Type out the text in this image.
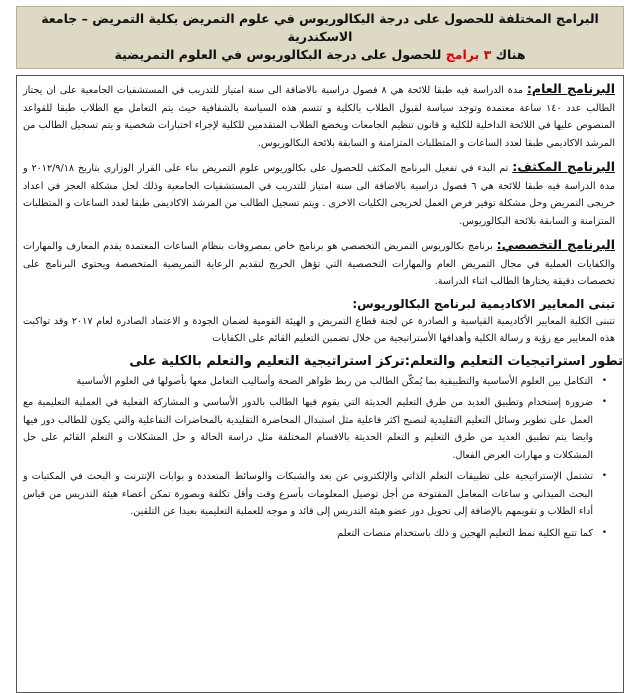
البرامج المختلفة للحصول على درجة البكالوريوس في علوم التمريض بكلية التمريض – جامعة الاسكندرية
هناك ٣ برامج للحصول على درجة البكالوريوس في العلوم التمريضية

البرنامج العام: مدة الدراسة فيه طبقا للائحة هي ٨ فصول دراسية بالاضافة الى سنة امتياز للتدريب في المستشفيات الجامعية على ان يجتاز الطالب عدد ١٤٠ ساعة معتمدة وتوجد سياسة لقبول الطلاب بالكلية و تتسم هذه السياسة بالشفافية حيث يتم التعامل مع الطلاب طبقا للقواعد المنصوص عليها في اللائحة الداخلية للكلية و قانون تنظيم الجامعات ويخضع الطلاب المتقدمين للكلية لإجراء اختبارات شخصية و يتم تسجيل الطالب من المرشد الاكاديمي طبقا لعدد الساعات و المتطلبات المتزامنة و السابقة بلائحة البكالوريوس.

البرنامج المكثف: تم البدء في تفعيل البرنامج المكثف للحصول على بكالوريوس علوم التمريض بناء على القرار الوزارى بتاريخ ٢٠١٢/٩/١٨ و مدة الدراسة فيه طبقا للائحة هي ٦ فصول دراسية بالاضافة الى سنة امتياز للتدريب في المستشفيات الجامعية وذلك لحل مشكلة العجز في اعداد خريجى التمريض وحل مشكلة توفير فرص العمل لخريجى الكليات الاخرى . ويتم تسجيل الطالب من المرشد الاكاديمى طبقا لعدد الساعات و المتطلبات المتزامنة و السابقة بلائحة البكالوريوس.

البرنامج التخصصي: برنامج بكالوريوس التمريض التخصصي هو برنامج خاص بمصروفات بنظام الساعات المعتمدة يقدم المعارف والمهارات والكفايات العملية في مجال التمريض العام والمهارات التخصصية التي تؤهل الخريج لتقديم الرعاية التمريضية المتخصصة ويحتوي البرنامج على تخصصات دقيقة يختارها الطالب اثناء الدراسة.

تبنى المعايير الاكاديمية لبرنامج البكالوريوس:

تتبنى الكلية المعايير الأكاديمية القياسية و الصادرة عن لجنة قطاع التمريض و الهيئة القومية لضمان الجودة و الاعتماد الصادرة لعام ٢٠١٧ وقد تواكبت هذه المعايير مع رؤية و رسالة الكلية وأهدافها الأستراتيجية من خلال تضمين التعليم القائم على الكفايات

تطور استراتيجيات التعليم والتعلم:تركز استراتيجية التعليم والتعلم بالكلية على
•
التكامل بين العلوم الأساسية والتطبيقية بما يُمكّن الطالب من ربط ظواهر الصحة وأساليب التعامل معها بأصولها في العلوم الأساسية
•
ضرورة إستخدام وتطبيق العديد من طرق التعليم الحديثة التي يقوم فيها الطالب بالدور الأساسي و المشاركة الفعلية في العملية التعليمية مع العمل على تطوير وسائل التعليم التقليدية لتصبح اكثر فاعلية مثل استبدال المحاضرة التقليدية بالمحاضرات التفاعلية والتي يكون للطالب دور فيها وايضا يتم تطبيق العديد من طرق التعليم و التعلم الحديثة بالاقسام المختلفة مثل دراسة الحالة و حل المشكلات و التعلم القائم على حل المشكلات و مهارات العرض الفعال.
•
تشتمل الإستراتيجية على تطبيقات التعلم الذاتي والإلكتروني عن بعد والشبكات والوسائط المتعددة و بوابات الإنترنت و البحث في المكتبات و البحث الميداني و ساعات المعامل المفتوحة من أجل توصيل المعلومات بأسرع وقت وأقل تكلفة وبصورة تمكن أعضاء هيئة التدريس من قياس أداء الطلاب و تقويمهم بالإضافة إلى تحويل دور عضو هيئة التدريس إلى قائد و موجه للعملية التعليمية بعيدا عن التلقين.
•
كما تتبع الكلية نمط التعليم الهجين و ذلك باستخدام منصات التعلم
